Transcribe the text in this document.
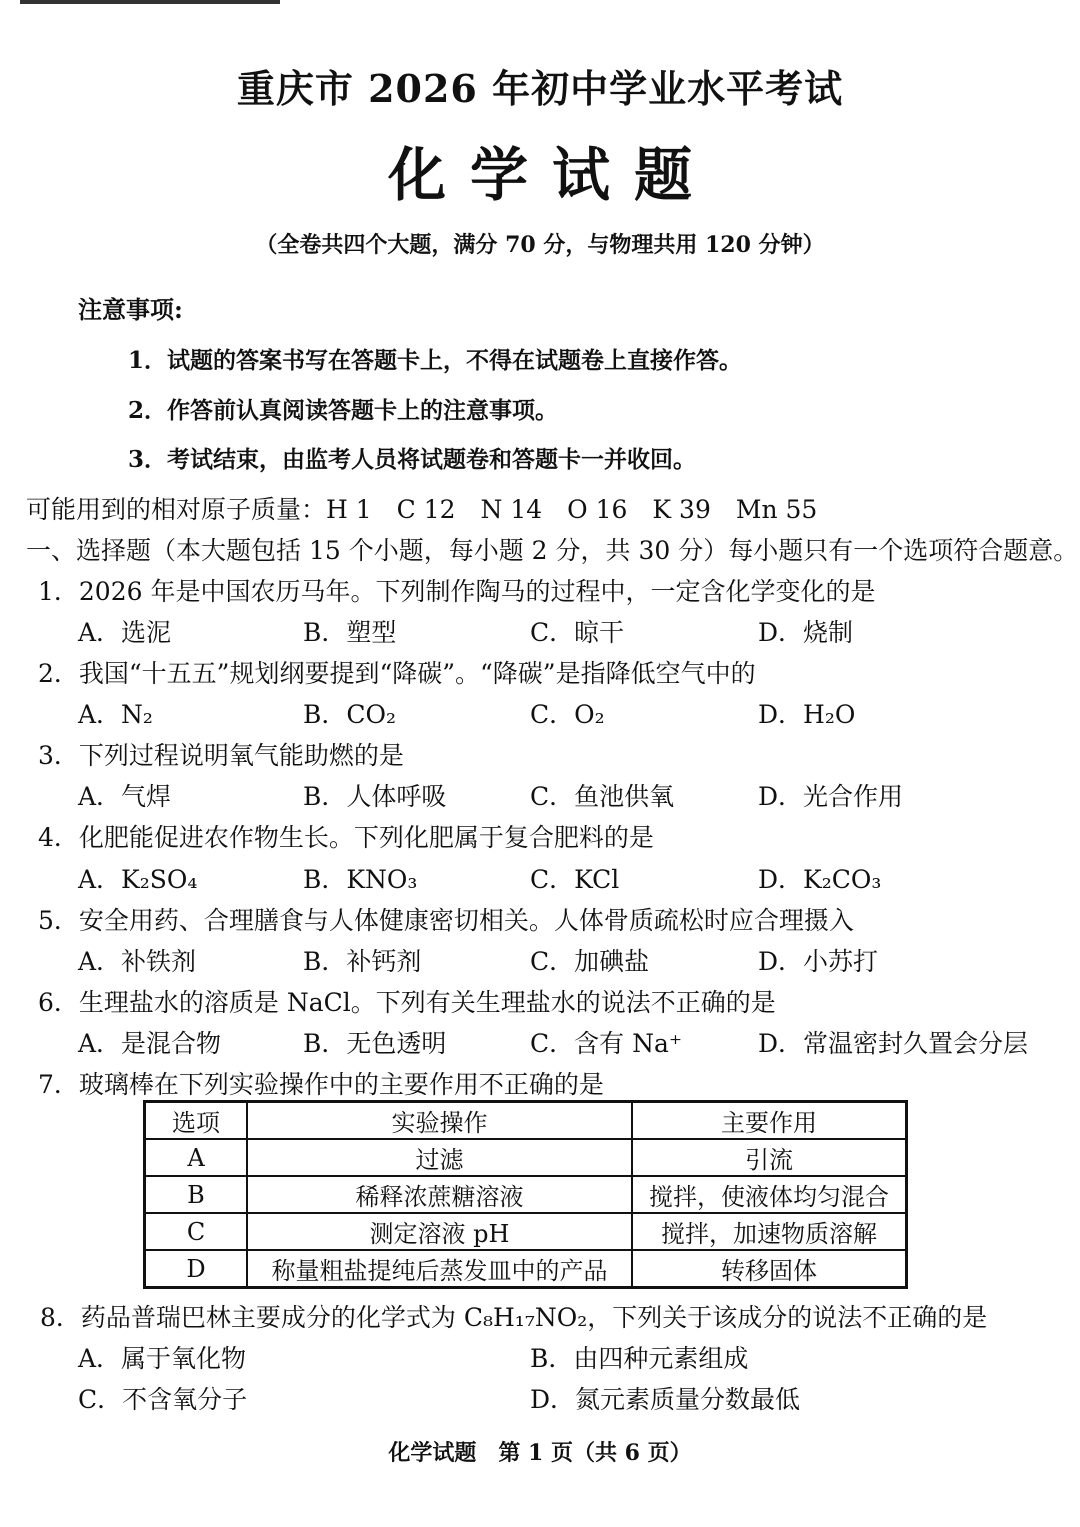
重庆市 2026 年初中学业水平考试
化学试题
（全卷共四个大题，满分 70 分，与物理共用 120 分钟）
注意事项:
1．试题的答案书写在答题卡上，不得在试题卷上直接作答。
2．作答前认真阅读答题卡上的注意事项。
3．考试结束，由监考人员将试题卷和答题卡一并收回。
可能用到的相对原子质量：H 1　C 12　N 14　O 16　K 39　Mn 55
一、选择题（本大题包括 15 个小题，每小题 2 分，共 30 分）每小题只有一个选项符合题意。
1．2026 年是中国农历马年。下列制作陶马的过程中，一定含化学变化的是
A．选泥	B．塑型	C．晾干	D．烧制
2．我国“十五五”规划纲要提到“降碳”。“降碳”是指降低空气中的
A．N₂	B．CO₂	C．O₂	D．H₂O
3．下列过程说明氧气能助燃的是
A．气焊	B．人体呼吸	C．鱼池供氧	D．光合作用
4．化肥能促进农作物生长。下列化肥属于复合肥料的是
A．K₂SO₄	B．KNO₃	C．KCl	D．K₂CO₃
5．安全用药、合理膳食与人体健康密切相关。人体骨质疏松时应合理摄入
A．补铁剂	B．补钙剂	C．加碘盐	D．小苏打
6．生理盐水的溶质是 NaCl。下列有关生理盐水的说法不正确的是
A．是混合物	B．无色透明	C．含有 Na⁺	D．常温密封久置会分层
7．玻璃棒在下列实验操作中的主要作用不正确的是
选项	实验操作	主要作用
A	过滤	引流
B	稀释浓蔗糖溶液	搅拌，使液体均匀混合
C	测定溶液 pH	搅拌，加速物质溶解
D	称量粗盐提纯后蒸发皿中的产品	转移固体
8．药品普瑞巴林主要成分的化学式为 C₈H₁₇NO₂，下列关于该成分的说法不正确的是
A．属于氧化物	B．由四种元素组成
C．不含氧分子	D．氮元素质量分数最低
化学试题　第 1 页（共 6 页）
